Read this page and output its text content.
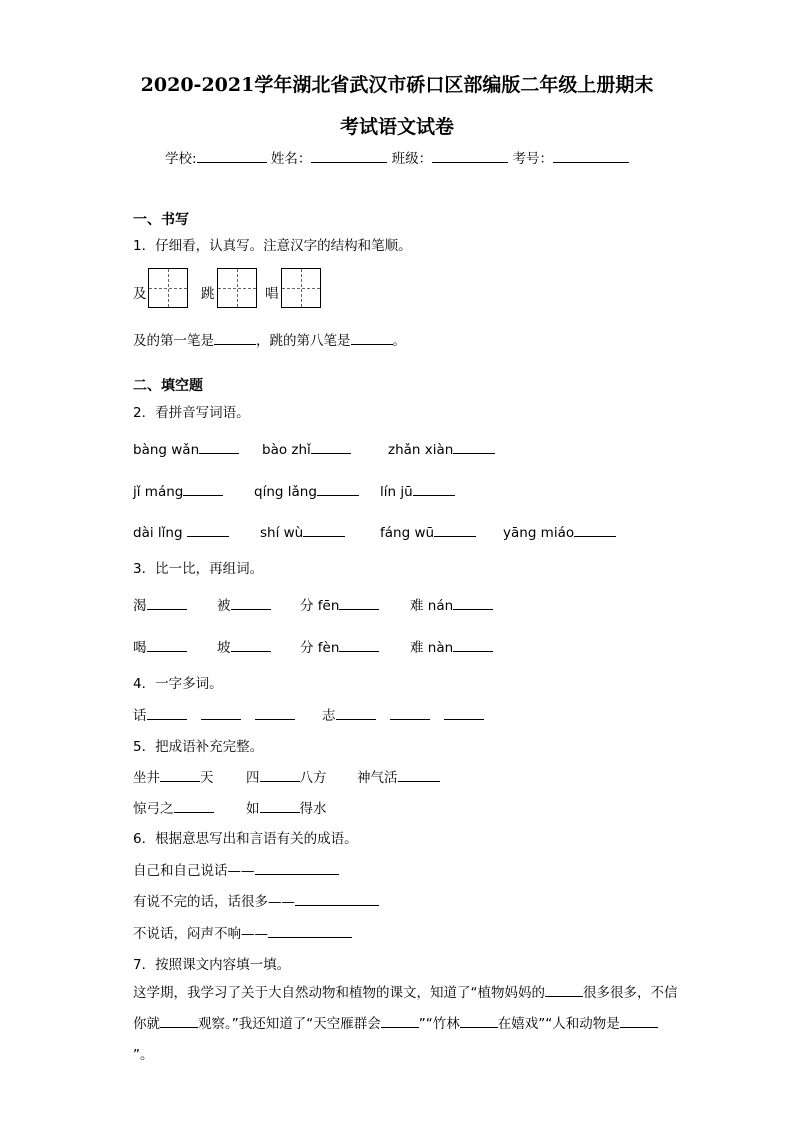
2020-2021学年湖北省武汉市硚口区部编版二年级上册期末
考试语文试卷
学校:	姓名：	班级：	考号：
一、书写
1．仔细看，认真写。注意汉字的结构和笔顺。
及	跳	唱
及的第一笔是	，跳的第八笔是	。
二、填空题
2．看拼音写词语。
bàng wǎn	bào zhǐ	zhǎn xiàn
jǐ máng	qíng lǎng	lín jū
dài lǐng	shí wù	fáng wū	yāng miáo
3．比一比，再组词。
渴	被	分 fēn	难 nán
喝	坡	分 fèn	难 nàn
4．一字多词。
话	志
5．把成语补充完整。
坐井	天 四	八方 神气活
惊弓之	如	得水
6．根据意思写出和言语有关的成语。
自己和自己说话——
有说不完的话，话很多——
不说话，闷声不响——
7．按照课文内容填一填。
这学期，我学习了关于大自然动物和植物的课文，知道了“植物妈妈的	很多很多，不信你就	观察。”我还知道了“天空雁群会	”“竹林	在嬉戏”“人和动物是”。
